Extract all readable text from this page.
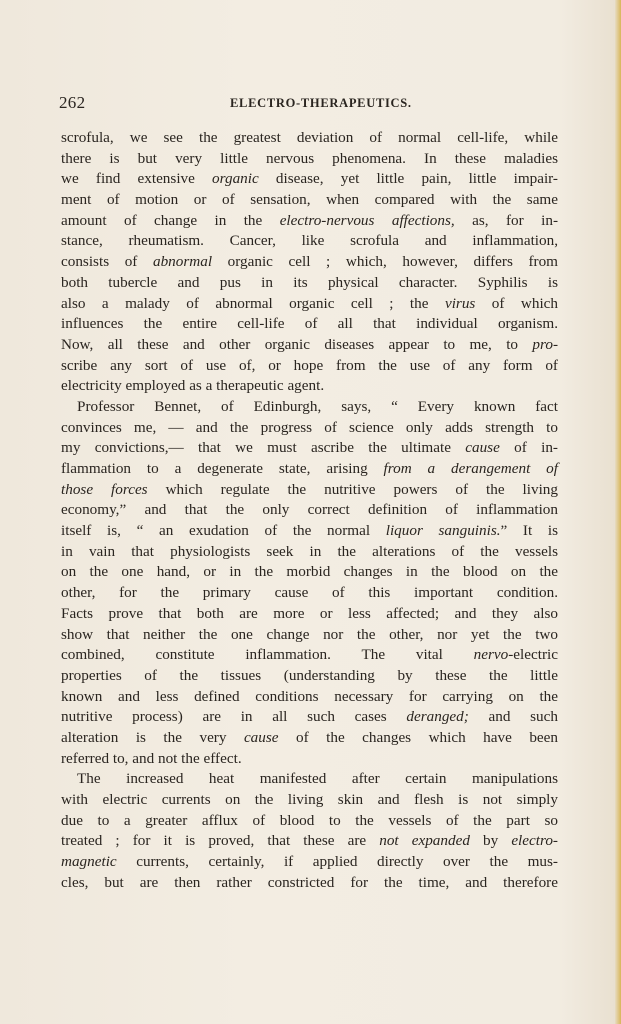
262	ELECTRO-THERAPEUTICS.
scrofula, we see the greatest deviation of normal cell-life, while
there is but very little nervous phenomena. In these maladies
we find extensive organic disease, yet little pain, little impair-
ment of motion or of sensation, when compared with the same
amount of change in the electro-nervous affections, as, for in-
stance, rheumatism. Cancer, like scrofula and inflammation,
consists of abnormal organic cell ; which, however, differs from
both tubercle and pus in its physical character. Syphilis is
also a malady of abnormal organic cell ; the virus of which
influences the entire cell-life of all that individual organism.
Now, all these and other organic diseases appear to me, to pro-
scribe any sort of use of, or hope from the use of any form of
electricity employed as a therapeutic agent.
Professor Bennet, of Edinburgh, says, “ Every known fact
convinces me, — and the progress of science only adds strength to
my convictions,— that we must ascribe the ultimate cause of in-
flammation to a degenerate state, arising from a derangement of
those forces which regulate the nutritive powers of the living
economy,” and that the only correct definition of inflammation
itself is, “ an exudation of the normal liquor sanguinis.” It is
in vain that physiologists seek in the alterations of the vessels
on the one hand, or in the morbid changes in the blood on the
other, for the primary cause of this important condition.
Facts prove that both are more or less affected; and they also
show that neither the one change nor the other, nor yet the two
combined, constitute inflammation. The vital nervo-electric
properties of the tissues (understanding by these the little
known and less defined conditions necessary for carrying on the
nutritive process) are in all such cases deranged; and such
alteration is the very cause of the changes which have been
referred to, and not the effect.
The increased heat manifested after certain manipulations
with electric currents on the living skin and flesh is not simply
due to a greater afflux of blood to the vessels of the part so
treated ; for it is proved, that these are not expanded by electro-
magnetic currents, certainly, if applied directly over the mus-
cles, but are then rather constricted for the time, and therefore
